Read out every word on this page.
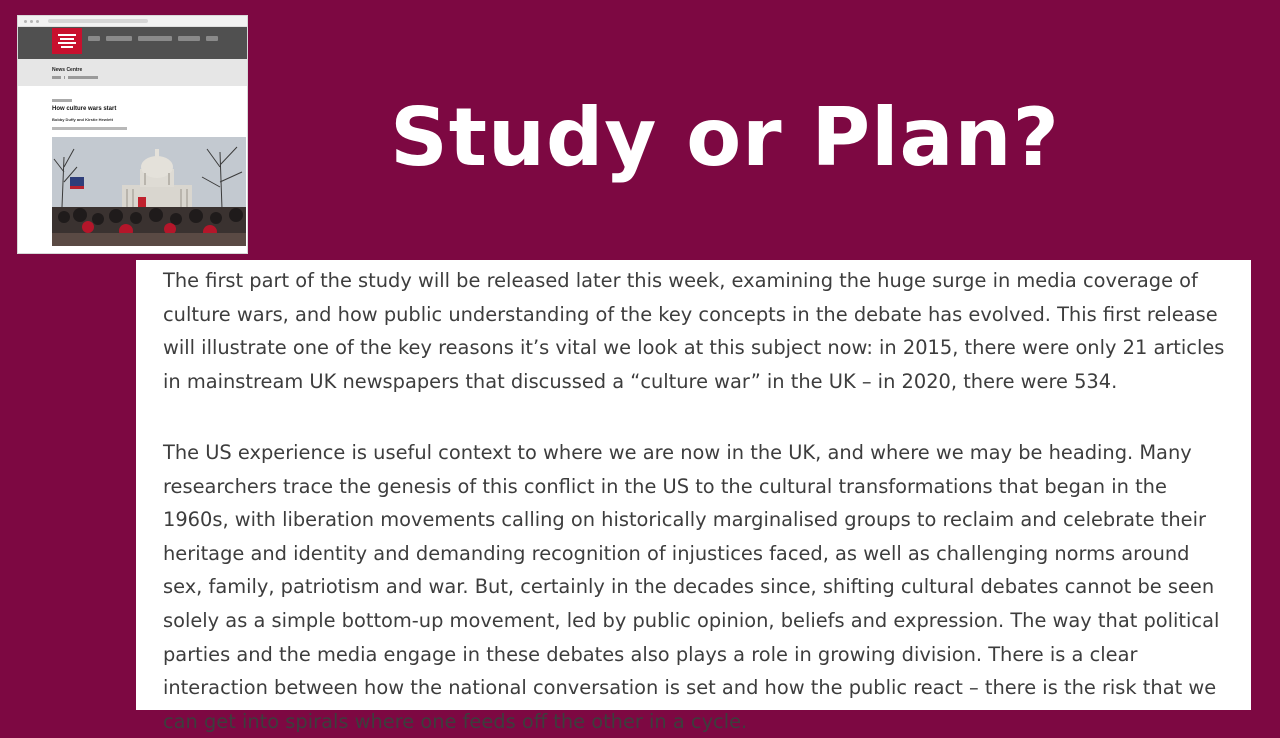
News Centre
How culture wars start
Bobby Duffy and Kirstie Hewlett	Study or Plan?

The first part of the study will be released later this week, examining the huge surge in media coverage of culture wars, and how public understanding of the key concepts in the debate has evolved. This first release will illustrate one of the key reasons it’s vital we look at this subject now: in 2015, there were only 21 articles in mainstream UK newspapers that discussed a “culture war” in the UK – in 2020, there were 534.

The US experience is useful context to where we are now in the UK, and where we may be heading. Many researchers trace the genesis of this conflict in the US to the cultural transformations that began in the 1960s, with liberation movements calling on historically marginalised groups to reclaim and celebrate their heritage and identity and demanding recognition of injustices faced, as well as challenging norms around sex, family, patriotism and war. But, certainly in the decades since, shifting cultural debates cannot be seen solely as a simple bottom-up movement, led by public opinion, beliefs and expression. The way that political parties and the media engage in these debates also plays a role in growing division. There is a clear interaction between how the national conversation is set and how the public react – there is the risk that we can get into spirals where one feeds off the other in a cycle.
